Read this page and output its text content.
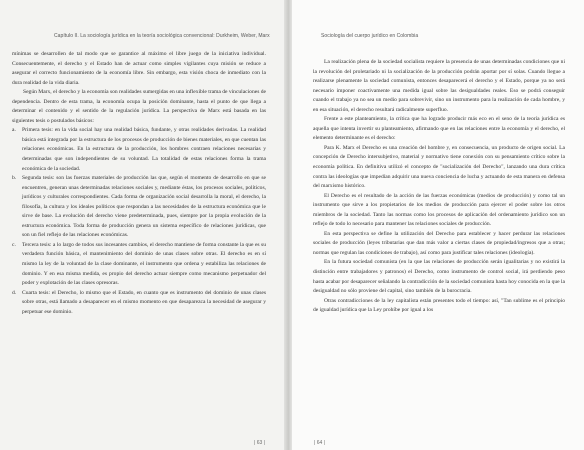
Capítulo II. La sociología jurídica en la teoría sociológica convencional: Durkheim, Weber, Marx

mínimas se desarrollen de tal modo que se garantice al máximo el libre juego de la iniciativa individual. Consecuentemente, el derecho y el Estado han de actuar como simples vigilantes cuya misión se reduce a asegurar el correcto funcionamiento de la economía libre. Sin embargo, esta visión choca de inmediato con la dura realidad de la vida diaria.

Según Marx, el derecho y la economía son realidades sumergidas en una inflexible trama de vinculaciones de dependencia. Dentro de esta trama, la economía ocupa la posición dominante, hasta el punto de que llega a determinar el contenido y el sentido de la regulación jurídica. La perspectiva de Marx está basada en las siguientes tesis o postulados básicos:

a. Primera tesis: en la vida social hay una realidad básica, fundante, y otras realidades derivadas. La realidad básica está integrada por la estructura de los procesos de producción de bienes materiales, en que cuentan las relaciones económicas. En la estructura de la producción, los hombres contraen relaciones necesarias y determinadas que son independientes de su voluntad. La totalidad de estas relaciones forma la trama económica de la sociedad.
b. Segunda tesis: son las fuerzas materiales de producción las que, según el momento de desarrollo en que se encuentren, generan unas determinadas relaciones sociales y, mediante éstas, los procesos sociales, políticos, jurídicos y culturales correspondientes. Cada forma de organización social desarrolla la moral, el derecho, la filosofía, la cultura y los ideales políticos que respondan a las necesidades de la estructura económica que le sirve de base. La evolución del derecho viene predeterminada, pues, siempre por la propia evolución de la estructura económica. Toda forma de producción genera un sistema específico de relaciones jurídicas, que son un fiel reflejo de las relaciones económicas.
c. Tercera tesis: a lo largo de todos sus incesantes cambios, el derecho mantiene de forma constante la que es su verdadera función básica, el mantenimiento del dominio de unas clases sobre otras. El derecho es en sí mismo la ley de la voluntad de la clase dominante, el instrumento que ordena y estabiliza las relaciones de dominio. Y en esa misma medida, es propio del derecho actuar siempre como mecanismo perpetuador del poder y explotación de las clases opresoras.
d. Cuarta tesis: el Derecho, lo mismo que el Estado, en cuanto que es instrumento del dominio de unas clases sobre otras, está llamado a desaparecer en el mismo momento en que desaparezca la necesidad de asegurar y perpetuar ese dominio.
| 63 |
Sociología del cuerpo jurídico en Colombia

La realización plena de la sociedad socialista requiere la presencia de unas determinadas condiciones que ni la revolución del proletariado ni la socialización de la producción podrán aportar por sí solas. Cuando llegue a realizarse plenamente la sociedad comunista, entonces desaparecerá el derecho y el Estado, porque ya no será necesario imponer coactivamente una medida igual sobre las desigualdades reales. Eso se podrá conseguir cuando el trabajo ya no sea un medio para sobrevivir, sino un instrumento para la realización de cada hombre, y en esa situación, el derecho resultará radicalmente superfluo.

Frente a este planteamiento, la crítica que ha logrado producir más eco en el seno de la teoría jurídica es aquella que intenta invertir su planteamiento, afirmando que en las relaciones entre la economía y el derecho, el elemento determinante es el derecho:

Para K. Marx el Derecho es una creación del hombre y, en consecuencia, un producto de origen social. La concepción de Derecho intersubjetivo, material y normativo tiene conexión con su pensamiento crítico sobre la economía política. En definitiva utilizó el concepto de "socialización del Derecho", lanzando una dura crítica contra las ideologías que impedían adquirir una nueva conciencia de lucha y actuando de esta manera en defensa del marxismo histórico.

El Derecho es el resultado de la acción de las fuerzas económicas (medios de producción) y como tal un instrumento que sirve a los propietarios de los medios de producción para ejercer el poder sobre los otros miembros de la sociedad. Tanto las normas como los procesos de aplicación del ordenamiento jurídico son un reflejo de todo lo necesario para mantener las relaciones sociales de producción.

En esta perspectiva se define la utilización del Derecho para establecer y hacer perdurar las relaciones sociales de producción (leyes tributarias que dan más valor a ciertas clases de propiedad/ingresos que a otras; normas que regulan las condiciones de trabajo), así como para justificar tales relaciones (ideología).

En la futura sociedad comunista (en la que las relaciones de producción serán igualitarias y no existirá la distinción entre trabajadores y patronos) el Derecho, como instrumento de control social, irá perdiendo peso hasta acabar por desaparecer señalando la contradicción de la sociedad comunista hasta hoy conocida en la que la desigualdad no sólo proviene del capital, sino también de la burocracia.

Otras contradicciones de la ley capitalista están presentes todo el tiempo: así, "Tan sublime es el principio de igualdad jurídica que la Ley prohíbe por igual a los

| 64 |
